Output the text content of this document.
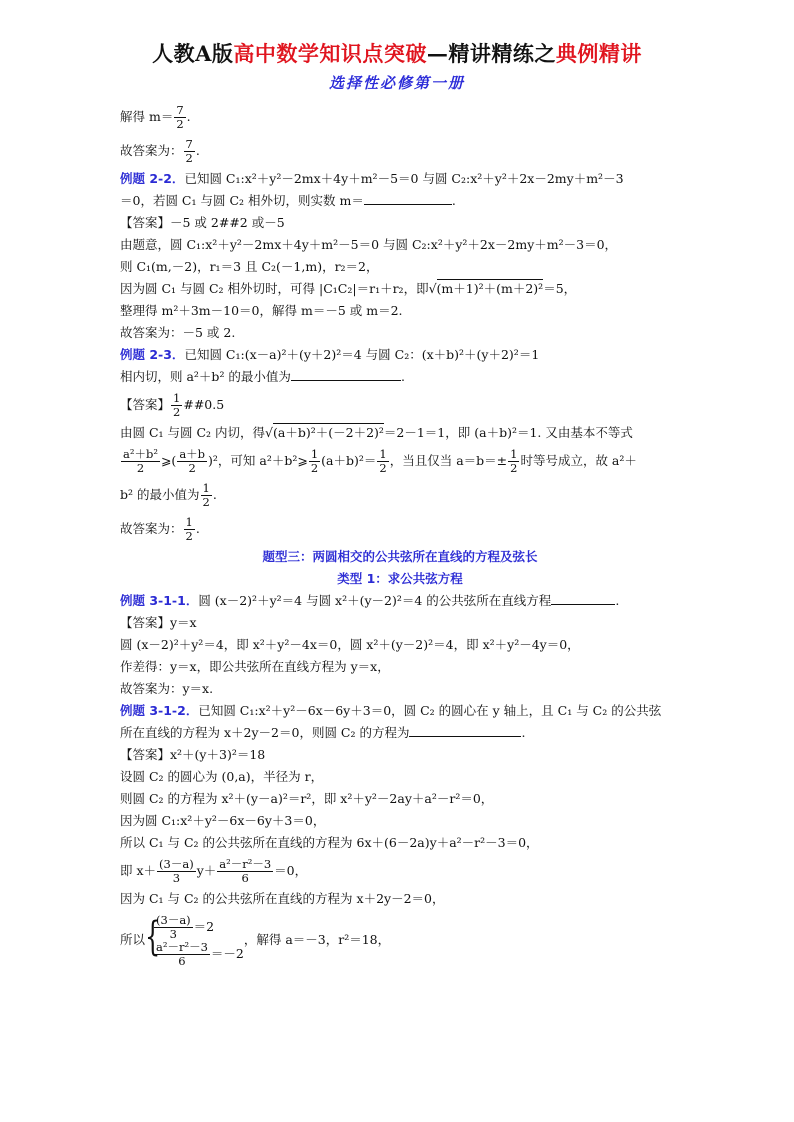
人教A版高中数学知识点突破—精讲精练之典例精讲
选择性必修第一册
解得 $m= \frac{7}{2}$ .
故答案为： $\frac{7}{2}$ .
例题 2-2．已知圆 C₁:x²＋y²－2mx＋4y＋m²－5＝0 与圆 C₂:x²＋y²＋2x－2my＋m²－3
＝0，若圆 C₁ 与圆 C₂ 相外切，则实数 m＝	.
【答案】－5 或 2##2 或－5
由题意，圆 C₁:x²＋y²－2mx＋4y＋m²－5＝0 与圆 C₂:x²＋y²＋2x－2my＋m²－3＝0，
则 C₁(m,－2)，r₁＝3 且 C₂(－1,m)，r₂＝2，
因为圆 C₁ 与圆 C₂ 相外切时，可得 |C₁C₂|＝r₁＋r₂，即√(m＋1)²＋(m＋2)²＝5，
整理得 m²＋3m－10＝0，解得 m＝－5 或 m＝2.
故答案为：－5 或 2.
例题 2-3．已知圆 C₁:(x－a)²＋(y＋2)²＝4 与圆 C₂：(x＋b)²＋(y＋2)²＝1
相内切，则 a²＋b² 的最小值为	.
【答案】 $\frac{1}{2}$ ##0.5
由圆 C₁ 与圆 C₂ 内切，得√(a＋b)²＋(－2＋2)²＝2－1＝1，即 (a＋b)²＝1. 又由基本不等式
$\frac{\text{a²＋b²}}{2}$ ⩾( $\frac{a+b}{2} )^2$，可知 a²＋b²⩾ $\frac{1}{2} (a+b)^2= \frac{1}{2}$ ，当且仅当 $a=b=\pm \frac{1}{2}$ 时等号成立，故 a²＋
b² 的最小值为 $\frac{1}{2}$ .
故答案为： $\frac{1}{2}$ .
题型三：两圆相交的公共弦所在直线的方程及弦长
类型 1：求公共弦方程
例题 3-1-1．圆 (x－2)²＋y²＝4 与圆 x²＋(y－2)²＝4 的公共弦所在直线方程	.
【答案】y＝x
圆 (x－2)²＋y²＝4，即 x²＋y²－4x＝0，圆 x²＋(y－2)²＝4，即 x²＋y²－4y＝0，
作差得：y＝x，即公共弦所在直线方程为 y＝x，
故答案为：y＝x.
例题 3-1-2．已知圆 C₁:x²＋y²－6x－6y＋3＝0，圆 C₂ 的圆心在 y 轴上，且 C₁ 与 C₂ 的公共弦
所在直线的方程为 x＋2y－2＝0，则圆 C₂ 的方程为	.
【答案】x²＋(y＋3)²＝18
设圆 C₂ 的圆心为 (0,a)，半径为 r，
则圆 C₂ 的方程为 x²＋(y－a)²＝r²，即 x²＋y²－2ay＋a²－r²＝0，
因为圆 C₁:x²＋y²－6x－6y＋3＝0，
所以 C₁ 与 C₂ 的公共弦所在直线的方程为 6x＋(6－2a)y＋a²－r²－3＝0，
即 $x+ \frac{(3-a)}{3} y+ \frac{\text{a²－r²－3}}{6} =0$，
因为 C₁ 与 C₂ 的公共弦所在直线的方程为 x＋2y－2＝0，
所以 {
$\frac{(3-a)}{3} =2$
$\frac{\text{a²－r²－3}}{6} =-2$
，解得 a＝－3，r²＝18，
